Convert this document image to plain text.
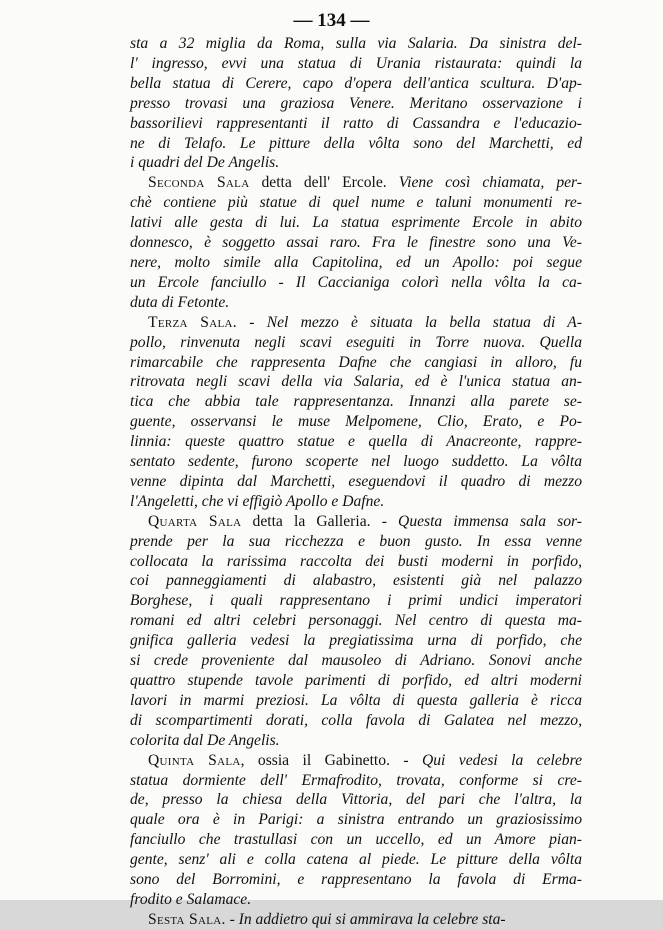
— 134 —
sta a 32 miglia da Roma, sulla via Salaria. Da sinistra del-
l' ingresso, evvi una statua di Urania ristaurata: quindi la
bella statua di Cerere, capo d'opera dell'antica scultura. D'ap-
presso trovasi una graziosa Venere. Meritano osservazione i
bassorilievi rappresentanti il ratto di Cassandra e l'educazio-
ne di Telafo. Le pitture della vôlta sono del Marchetti, ed
i quadri del De Angelis.
Seconda Sala detta dell' Ercole. Viene così chiamata, per-
chè contiene più statue di quel nume e taluni monumenti re-
lativi alle gesta di lui. La statua esprimente Ercole in abito
donnesco, è soggetto assai raro. Fra le finestre sono una Ve-
nere, molto simile alla Capitolina, ed un Apollo: poi segue
un Ercole fanciullo - Il Caccianiga colorì nella vôlta la ca-
duta di Fetonte.
Terza Sala. - Nel mezzo è situata la bella statua di A-
pollo, rinvenuta negli scavi eseguiti in Torre nuova. Quella
rimarcabile che rappresenta Dafne che cangiasi in alloro, fu
ritrovata negli scavi della via Salaria, ed è l'unica statua an-
tica che abbia tale rappresentanza. Innanzi alla parete se-
guente, osservansi le muse Melpomene, Clio, Erato, e Po-
linnia: queste quattro statue e quella di Anacreonte, rappre-
sentato sedente, furono scoperte nel luogo suddetto. La vôlta
venne dipinta dal Marchetti, eseguendovi il quadro di mezzo
l'Angeletti, che vi effigiò Apollo e Dafne.
Quarta Sala detta la Galleria. - Questa immensa sala sor-
prende per la sua ricchezza e buon gusto. In essa venne
collocata la rarissima raccolta dei busti moderni in porfido,
coi panneggiamenti di alabastro, esistenti già nel palazzo
Borghese, i quali rappresentano i primi undici imperatori
romani ed altri celebri personaggi. Nel centro di questa ma-
gnifica galleria vedesi la pregiatissima urna di porfido, che
si crede proveniente dal mausoleo di Adriano. Sonovi anche
quattro stupende tavole parimenti di porfido, ed altri moderni
lavori in marmi preziosi. La vôlta di questa galleria è ricca
di scompartimenti dorati, colla favola di Galatea nel mezzo,
colorita dal De Angelis.
Quinta Sala, ossia il Gabinetto. - Qui vedesi la celebre
statua dormiente dell' Ermafrodito, trovata, conforme si cre-
de, presso la chiesa della Vittoria, del pari che l'altra, la
quale ora è in Parigi: a sinistra entrando un graziosissimo
fanciullo che trastullasi con un uccello, ed un Amore pian-
gente, senz' ali e colla catena al piede. Le pitture della vôlta
sono del Borromini, e rappresentano la favola di Erma-
frodito e Salamace.
Sesta Sala. - In addietro qui si ammirava la celebre sta-
